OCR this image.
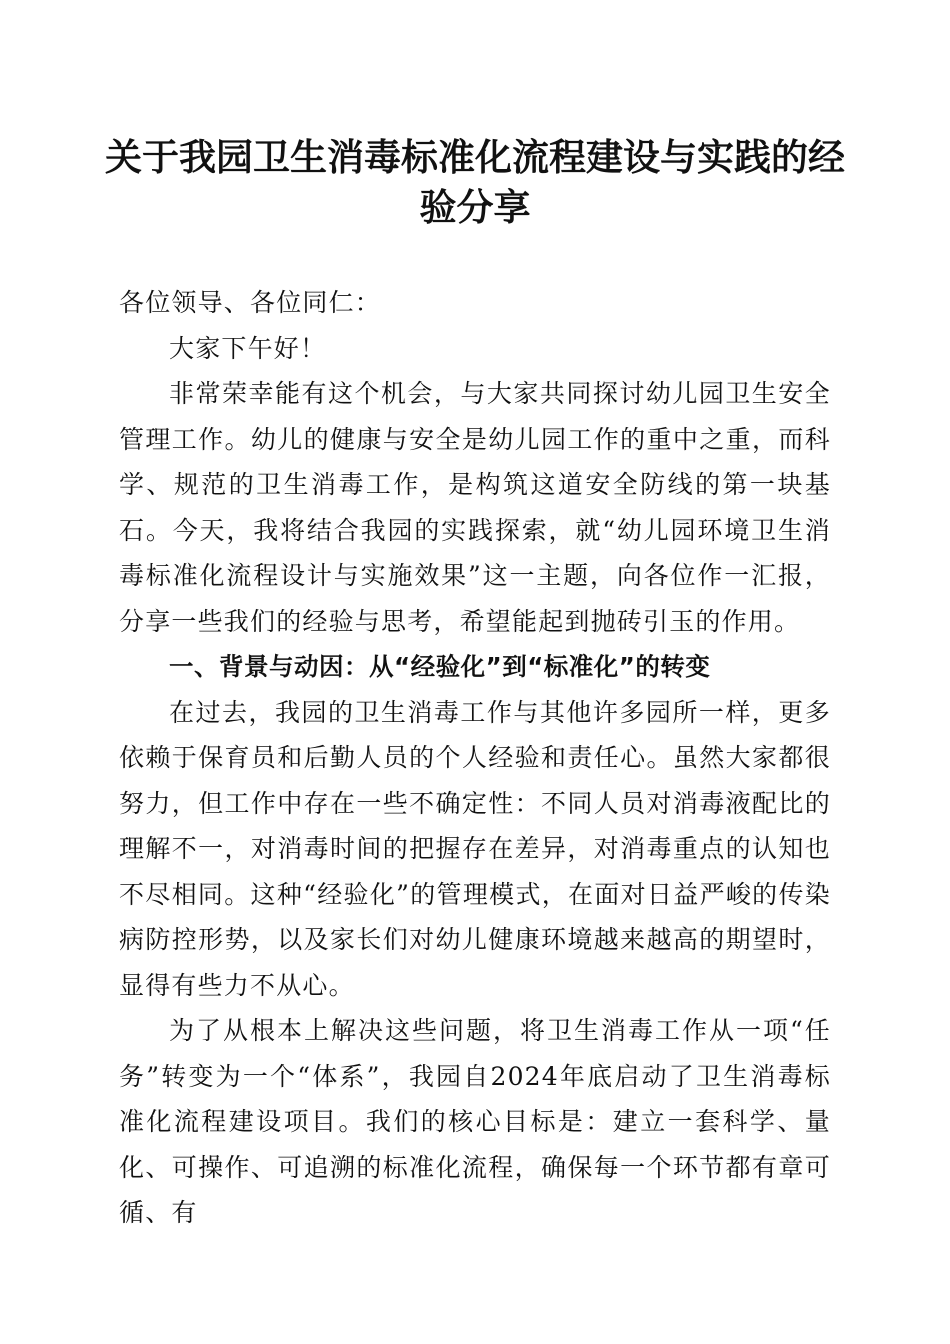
关于我园卫生消毒标准化流程建设与实践的经验分享

各位领导、各位同仁：

大家下午好！

非常荣幸能有这个机会，与大家共同探讨幼儿园卫生安全管理工作。幼儿的健康与安全是幼儿园工作的重中之重，而科学、规范的卫生消毒工作，是构筑这道安全防线的第一块基石。今天，我将结合我园的实践探索，就“幼儿园环境卫生消毒标准化流程设计与实施效果”这一主题，向各位作一汇报，分享一些我们的经验与思考，希望能起到抛砖引玉的作用。

一、背景与动因：从“经验化”到“标准化”的转变

在过去，我园的卫生消毒工作与其他许多园所一样，更多依赖于保育员和后勤人员的个人经验和责任心。虽然大家都很努力，但工作中存在一些不确定性：不同人员对消毒液配比的理解不一，对消毒时间的把握存在差异，对消毒重点的认知也不尽相同。这种“经验化”的管理模式，在面对日益严峻的传染病防控形势，以及家长们对幼儿健康环境越来越高的期望时，显得有些力不从心。

为了从根本上解决这些问题，将卫生消毒工作从一项“任务”转变为一个“体系”，我园自2024年底启动了卫生消毒标准化流程建设项目。我们的核心目标是：建立一套科学、量化、可操作、可追溯的标准化流程，确保每一个环节都有章可循、有
